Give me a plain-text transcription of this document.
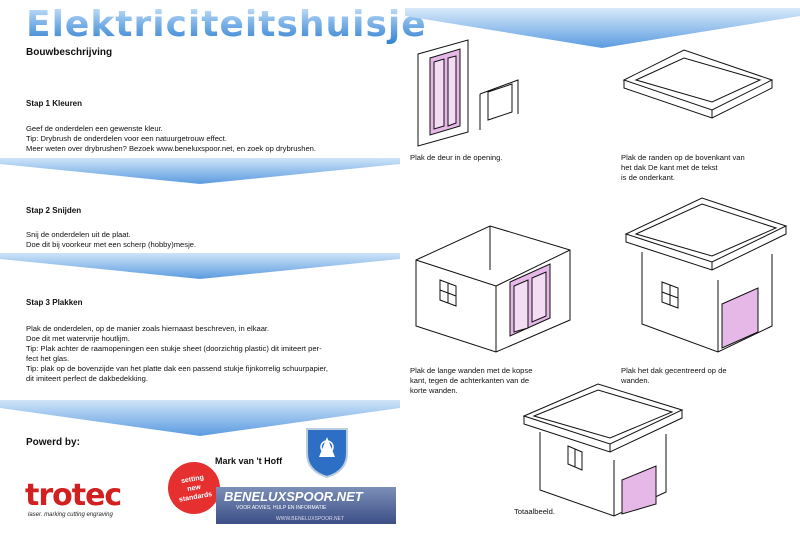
Elektriciteitshuisje
Bouwbeschrijving
Stap 1 Kleuren
Geef de onderdelen een gewenste kleur.
Tip: Drybrush de onderdelen voor een natuurgetrouw effect.
Meer weten over drybrushen? Bezoek www.beneluxspoor.net, en zoek op drybrushen.
Stap 2 Snijden
Snij de onderdelen uit de plaat.
Doe dit bij voorkeur met een scherp (hobby)mesje.
Stap 3 Plakken
Plak de onderdelen, op de manier zoals hiernaast beschreven, in elkaar.
Doe dit met watervrije houtlijm.
Tip: Plak achter de raamopeningen een stukje sheet (doorzichtig plastic) dit imiteert per-
fect het glas.
Tip: plak op de bovenzijde van het platte dak een passend stukje fijnkorrelig schuurpapier,
dit imiteert perfect de dakbedekking.
Powerd by:
Mark van 't Hoff
trotec
laser. marking cutting engraving
setting
new
standards BENELUXSPOOR.NET
VOOR ADVIES, HULP EN INFORMATIE
WWW.BENELUXSPOOR.NET
Plak de deur in de opening.	Plak de randen op de bovenkant van
het dak De kant met de tekst
is de onderkant.
Plak de lange wanden met de kopse
kant, tegen de achterkanten van de
korte wanden.
Plak het dak gecentreerd op de
wanden.
Totaalbeeld.
